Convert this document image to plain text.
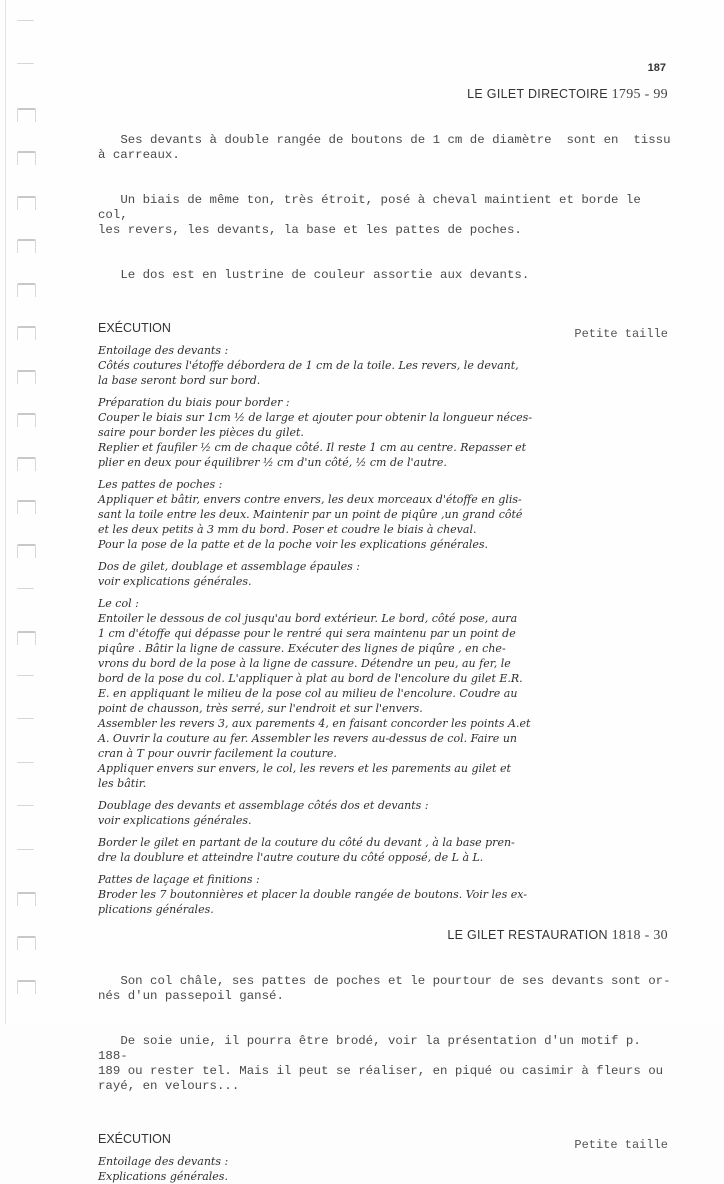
187
LE GILET DIRECTOIRE 1795 - 99

Ses devants à double rangée de boutons de 1 cm de diamètre  sont en  tissu
à carreaux.

Un biais de même ton, très étroit, posé à cheval maintient et borde le col,
les revers, les devants, la base et les pattes de poches.

Le dos est en lustrine de couleur assortie aux devants.

EXÉCUTION	Petite taille

Entoilage des devants :

Côtés coutures l'étoffe débordera de 1 cm de la toile. Les revers, le devant,

la base seront bord sur bord.

Préparation du biais pour border :

Couper le biais sur 1cm ½ de large et ajouter pour obtenir la longueur néces-

saire pour border les pièces du gilet.

Replier et faufiler ½ cm de chaque côté. Il reste 1 cm au centre. Repasser et

plier en deux pour équilibrer ½ cm d'un côté, ½ cm de l'autre.

Les pattes de poches :

Appliquer et bâtir, envers contre envers, les deux morceaux d'étoffe en glis-

sant la toile entre les deux. Maintenir par un point de piqûre ,un grand côté

et les deux petits à 3 mm du bord. Poser et coudre le biais à cheval.

Pour la pose de la patte et de la poche voir les explications générales.

Dos de gilet, doublage et assemblage épaules :

voir explications générales.

Le col :

Entoiler le dessous de col jusqu'au bord extérieur. Le bord, côté pose, aura

1 cm d'étoffe qui dépasse pour le rentré qui sera maintenu par un point de

piqûre . Bâtir la ligne de cassure. Exécuter des lignes de piqûre , en che-

vrons du bord de la pose à la ligne de cassure. Détendre un peu, au fer, le

bord de la pose du col. L'appliquer à plat au bord de l'encolure du gilet E.R.

E. en appliquant le milieu de la pose col au milieu de l'encolure. Coudre au

point de chausson, très serré, sur l'endroit et sur l'envers.

Assembler les revers 3, aux parements 4, en faisant concorder les points A.et

A. Ouvrir la couture au fer. Assembler les revers au-dessus de col. Faire un

cran à T pour ouvrir facilement la couture.

Appliquer envers sur envers, le col, les revers et les parements au gilet et

les bâtir.

Doublage des devants et assemblage côtés dos et devants :

voir explications générales.

Border le gilet en partant de la couture du côté du devant , à la base pren-

dre la doublure et atteindre l'autre couture du côté opposé, de L à L.

Pattes de laçage et finitions :

Broder les 7 boutonnières et placer la double rangée de boutons. Voir les ex-

plications générales.

LE GILET RESTAURATION 1818 - 30

Son col châle, ses pattes de poches et le pourtour de ses devants sont or-
nés d'un passepoil gansé.

De soie unie, il pourra être brodé, voir la présentation d'un motif p. 188-
189 ou rester tel. Mais il peut se réaliser, en piqué ou casimir à fleurs ou
rayé, en velours...

EXÉCUTION	Petite taille

Entoilage des devants :

Explications générales.
